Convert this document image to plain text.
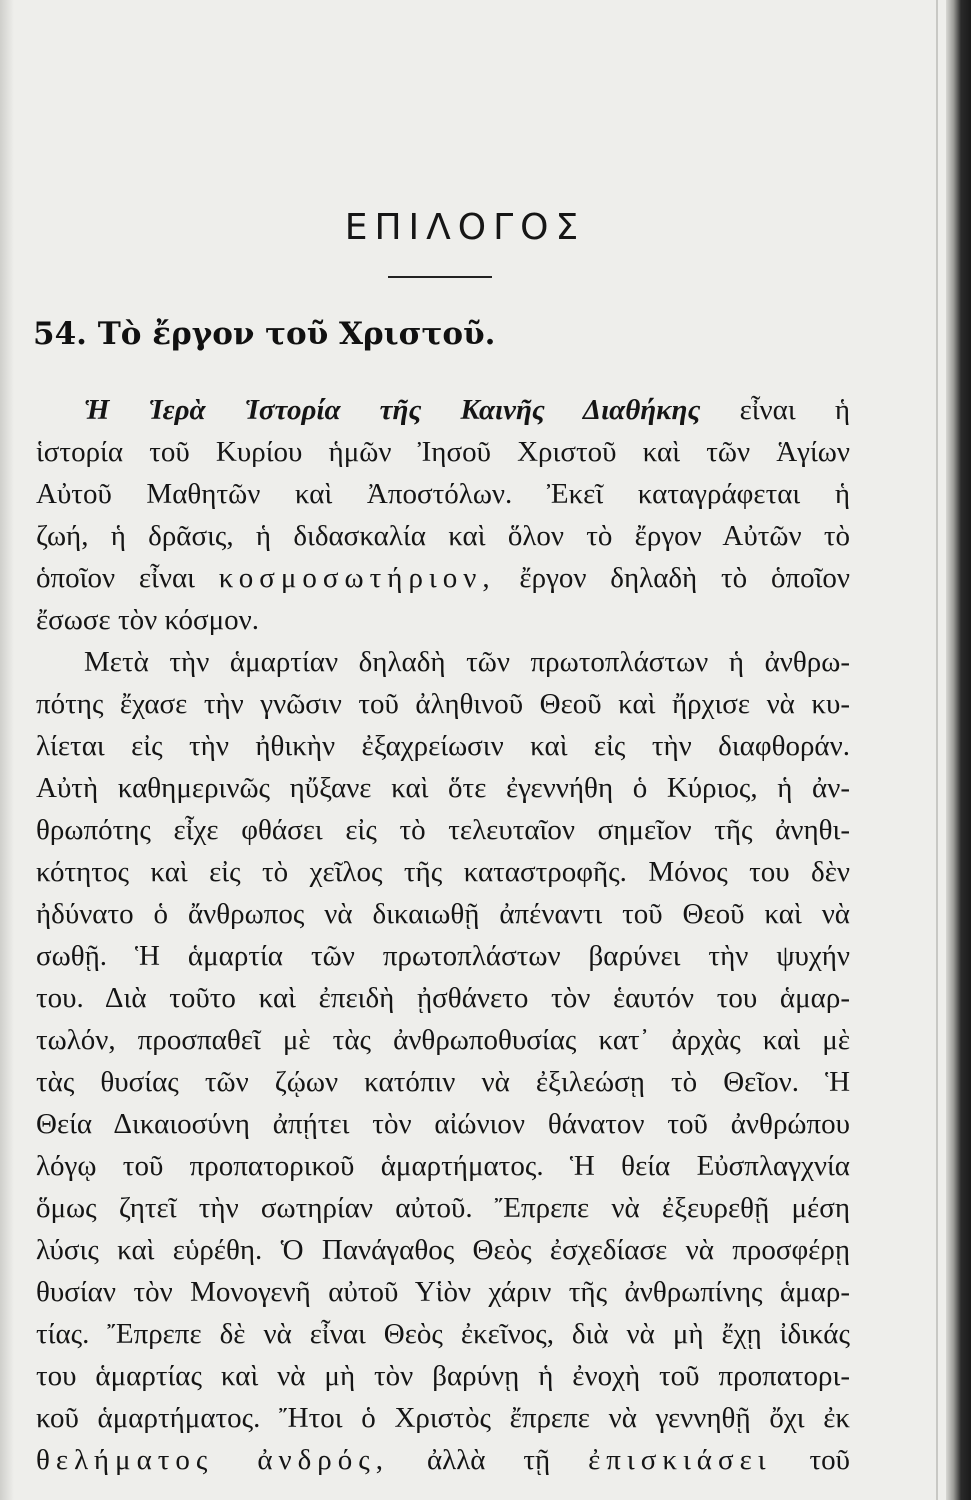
ΕΠΙΛΟΓΟΣ
54. Τὸ ἔργον τοῦ Χριστοῦ.

Ἡ Ἱερὰ Ἱστορία τῆς Καινῆς Διαθήκης εἶναι ἡ

ἱστορία τοῦ Κυρίου ἡμῶν Ἰησοῦ Χριστοῦ καὶ τῶν Ἁγίων

Αὐτοῦ Μαθητῶν καὶ Ἀποστόλων. Ἐκεῖ καταγράφεται ἡ

ζωή, ἡ δρᾶσις, ἡ διδασκαλία καὶ ὅλον τὸ ἔργον Αὐτῶν τὸ

ὁποῖον εἶναι κοσμοσωτήριον, ἔργον δηλαδὴ τὸ ὁποῖον

ἔσωσε τὸν κόσμον.

Μετὰ τὴν ἁμαρτίαν δηλαδὴ τῶν πρωτοπλάστων ἡ ἀνθρω-

πότης ἔχασε τὴν γνῶσιν τοῦ ἀληθινοῦ Θεοῦ καὶ ἤρχισε νὰ κυ-

λίεται εἰς τὴν ἠθικὴν ἐξαχρείωσιν καὶ εἰς τὴν διαφθοράν.

Αὐτὴ καθημερινῶς ηὔξανε καὶ ὅτε ἐγεννήθη ὁ Κύριος, ἡ ἀν-

θρωπότης εἶχε φθάσει εἰς τὸ τελευταῖον σημεῖον τῆς ἀνηθι-

κότητος καὶ εἰς τὸ χεῖλος τῆς καταστροφῆς. Μόνος του δὲν

ἠδύνατο ὁ ἄνθρωπος νὰ δικαιωθῇ ἀπέναντι τοῦ Θεοῦ καὶ νὰ

σωθῇ. Ἡ ἁμαρτία τῶν πρωτοπλάστων βαρύνει τὴν ψυχήν

του. Διὰ τοῦτο καὶ ἐπειδὴ ᾐσθάνετο τὸν ἑαυτόν του ἁμαρ-

τωλόν, προσπαθεῖ μὲ τὰς ἀνθρωποθυσίας κατ᾿ ἀρχὰς καὶ μὲ

τὰς θυσίας τῶν ζῴων κατόπιν νὰ ἐξιλεώσῃ τὸ Θεῖον. Ἡ

Θεία Δικαιοσύνη ἀπῄτει τὸν αἰώνιον θάνατον τοῦ ἀνθρώπου

λόγῳ τοῦ προπατορικοῦ ἁμαρτήματος. Ἡ θεία Εὐσπλαγχνία

ὅμως ζητεῖ τὴν σωτηρίαν αὐτοῦ. Ἔπρεπε νὰ ἐξευρεθῇ μέση

λύσις καὶ εὑρέθη. Ὁ Πανάγαθος Θεὸς ἐσχεδίασε νὰ προσφέρῃ

θυσίαν τὸν Μονογενῆ αὐτοῦ Υἱὸν χάριν τῆς ἀνθρωπίνης ἁμαρ-

τίας. Ἔπρεπε δὲ νὰ εἶναι Θεὸς ἐκεῖνος, διὰ νὰ μὴ ἔχῃ ἰδικάς

του ἁμαρτίας καὶ νὰ μὴ τὸν βαρύνῃ ἡ ἐνοχὴ τοῦ προπατορι-

κοῦ ἁμαρτήματος. Ἤτοι ὁ Χριστὸς ἔπρεπε νὰ γεννηθῇ ὄχι ἐκ

θελήματος ἀνδρός, ἀλλὰ τῇ ἐπισκιάσει τοῦ
